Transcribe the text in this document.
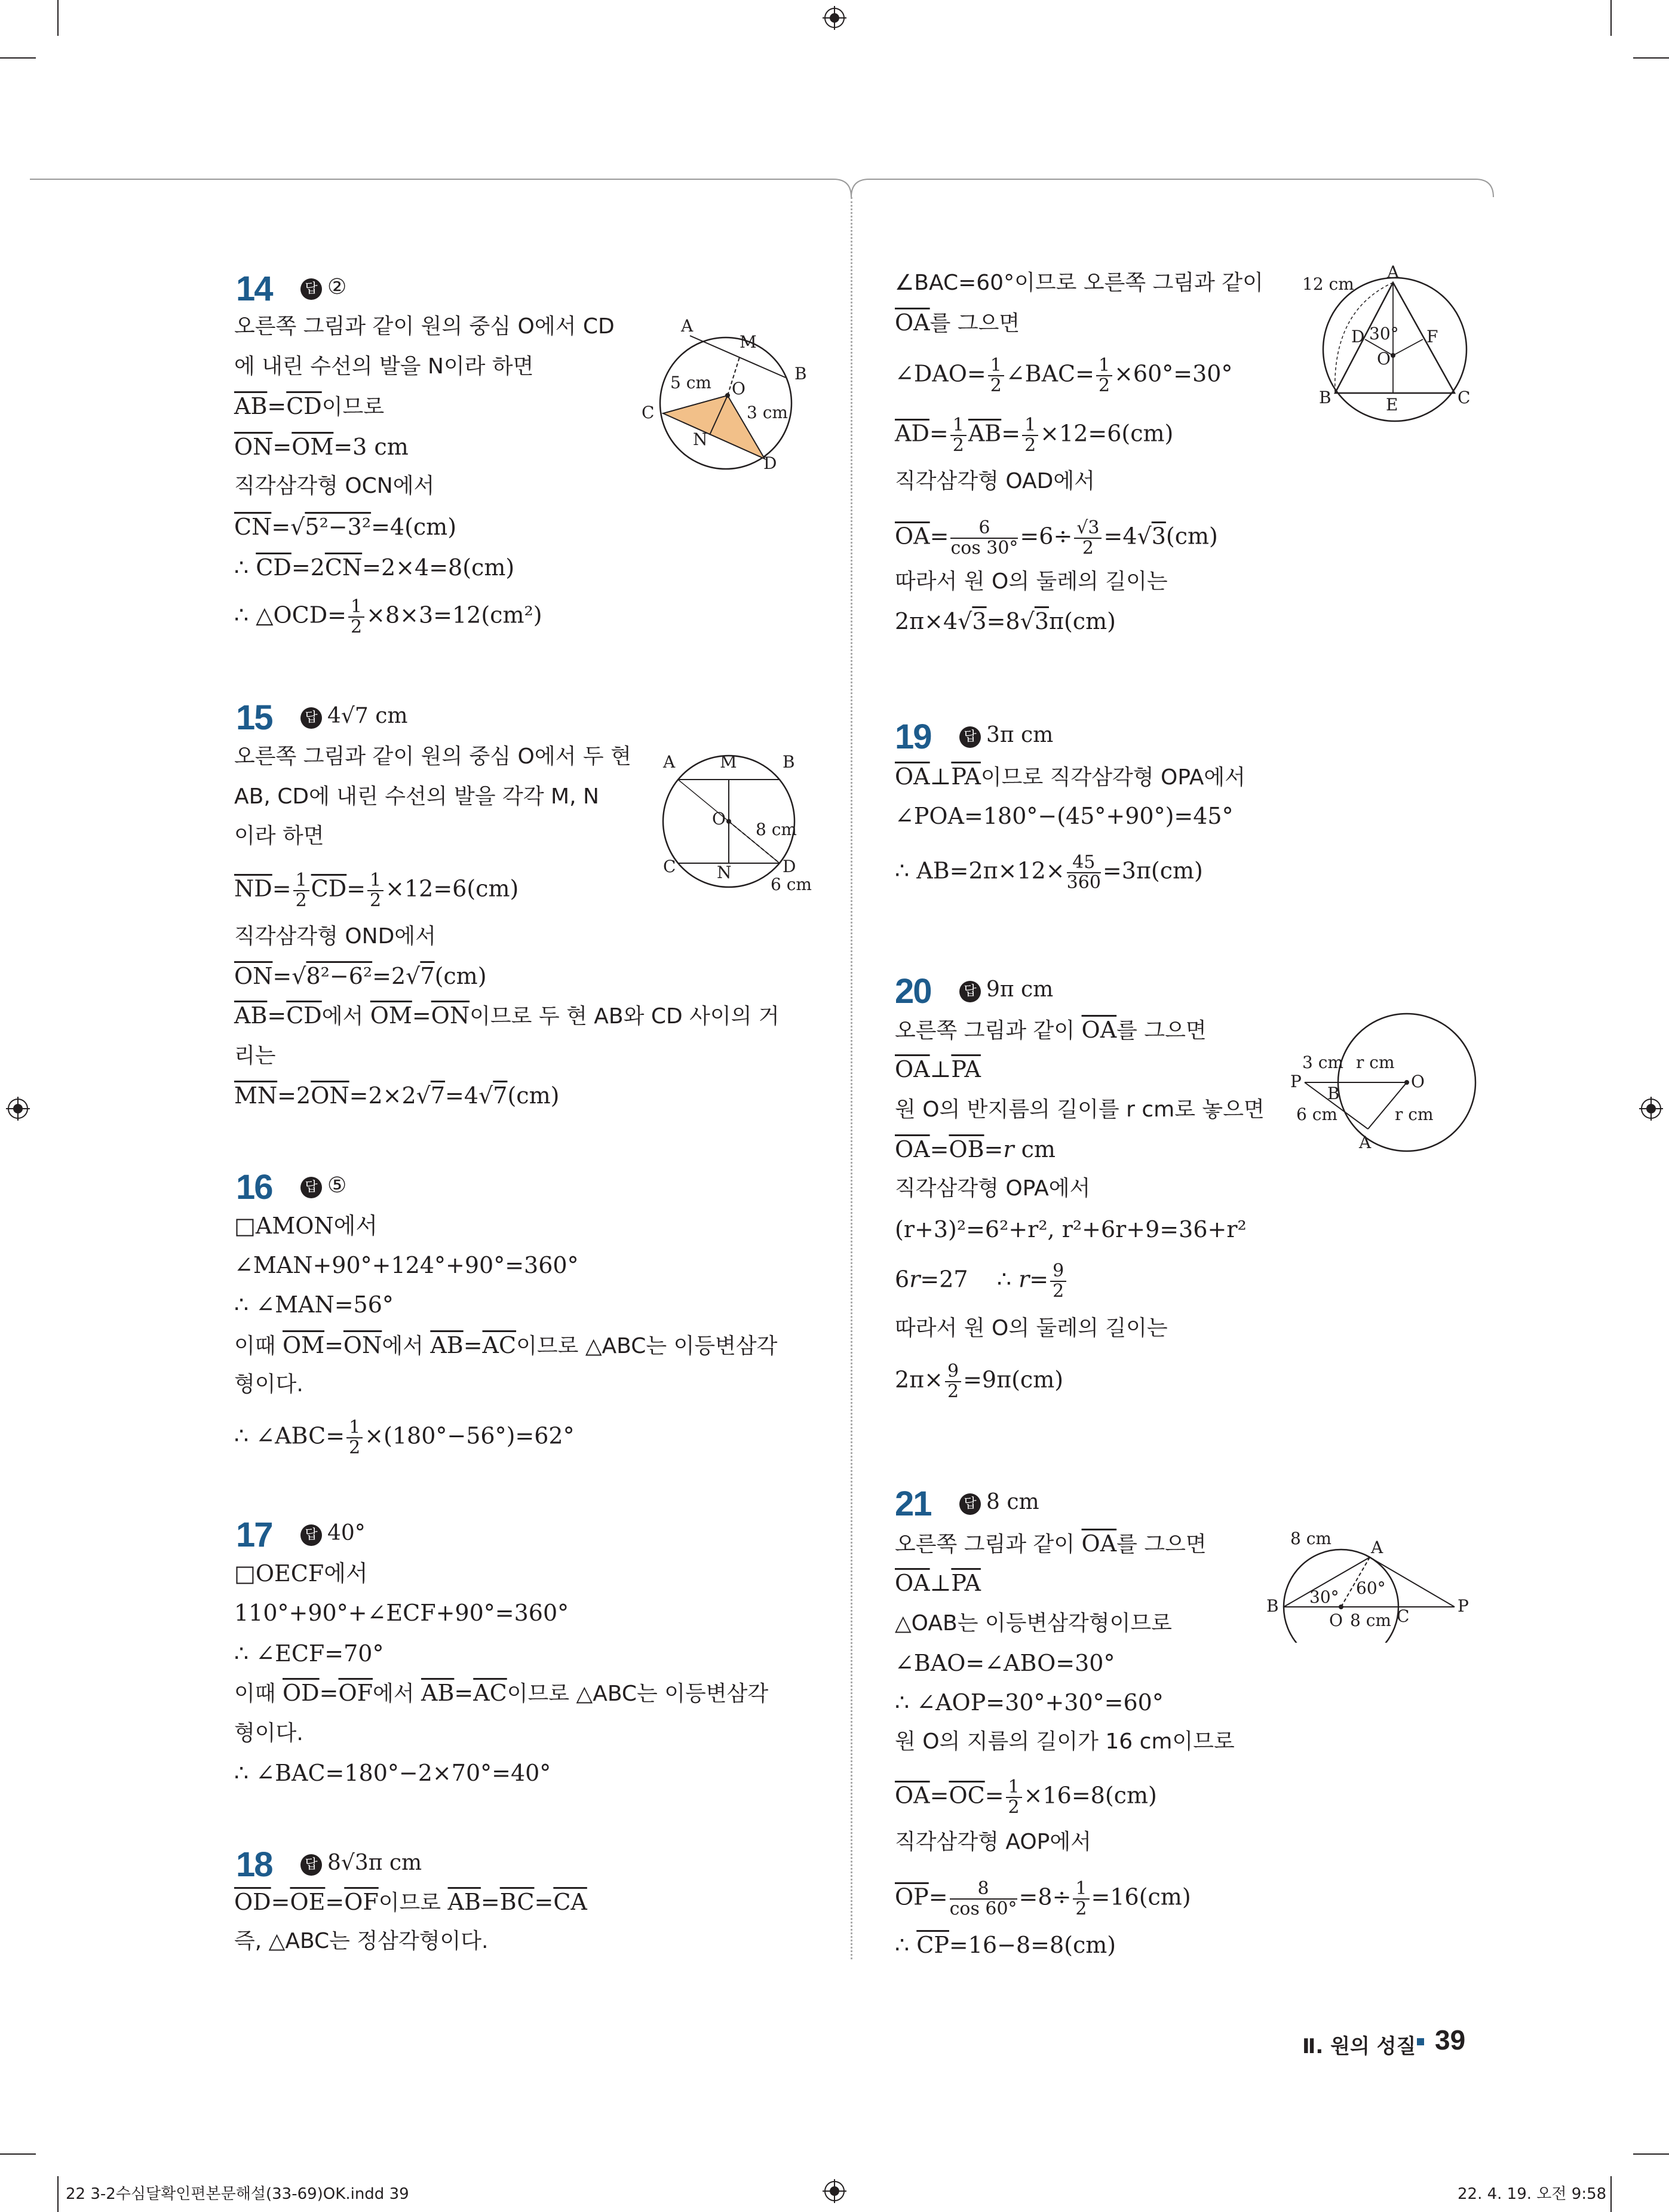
14	답 ②
오른쪽 그림과 같이 원의 중심 O에서 CD
에 내린 수선의 발을 N이라 하면
$\overline{AB}=\overline{CD}$이므로
$\overline{ON}=\overline{OM}=3$ cm
직각삼각형 OCN에서
$\overline{CN}=√5^2-3^2=4(cm)$
∴ $\overline{CD}=2\overline{CN}=2\times 4=8(cm)$
∴ △OCD= $\frac{1}{2} \times 8\times 3=12(cm^2)$
A
M
B
C
O
N
D
5 cm
3 cm
15	답 4√7 cm
오른쪽 그림과 같이 원의 중심 O에서 두 현
AB, CD에 내린 수선의 발을 각각 M, N
이라 하면
$\overline{ND}= \frac{1}{2} \overline{CD}= \frac{1}{2} \times 12=6(cm)$
직각삼각형 OND에서
$\overline{ON}=√8^2-6^2=2√7(cm)$
$\overline{AB}=\overline{CD}$에서 $\overline{OM}=\overline{ON}$이므로 두 현 AB와 CD 사이의 거
리는
$\overline{MN}=2\overline{ON}=2\times 2√7=4√7(cm)$
A	M	B
O
8 cm
C N	D
6 cm
16	답 ⑤
□AMON에서
∠MAN+90°+124°+90°=360°
∴ ∠MAN=56°
이때 $\overline{OM}=\overline{ON}$에서 $\overline{AB}=\overline{AC}$이므로 △ABC는 이등변삼각
형이다.
∴ ∠ABC= $\frac{1}{2} \times(180^\circ-56^\circ)=62^\circ$
17	답 40°
□OECF에서
110°+90°+∠ECF+90°=360°
∴ ∠ECF=70°
이때 $\overline{OD}=\overline{OF}$에서 $\overline{AB}=\overline{AC}$이므로 △ABC는 이등변삼각
형이다.
∴ ∠BAC=180°−2×70°=40°
18	답 8√3π cm
$\overline{OD}=\overline{OE}=\overline{OF}$이므로 $\overline{AB}=\overline{BC}=\overline{CA}$
즉, △ABC는 정삼각형이다.
∠BAC=60°이므로 오른쪽 그림과 같이
$\overline{OA}$를 그으면
∠DAO= $\frac{1}{2}$ ∠BAC= $\frac{1}{2} \times 60^\circ=30^\circ$
$\overline{AD}= \frac{1}{2} \overline{AB}= \frac{1}{2} \times 12=6(cm)$
직각삼각형 OAD에서
$\overline{OA}= \frac{6}{\cos 30^\circ} =6\div \frac{√3}{2} =4√3(cm)$
따라서 원 O의 둘레의 길이는
2π×4√3=8√3π(cm)
12 cm
A
D 30° F
O
B	E	C
19	답 3π cm
$\overline{OA}\perp\overline{PA}$이므로 직각삼각형 OPA에서
∠POA=180°−(45°+90°)=45°
∴ $AB=2\pi\times 12\times \frac{45}{360} =3\pi(cm)$
20	답 9π cm
오른쪽 그림과 같이 $\overline{OA}$를 그으면
$\overline{OA}\perp\overline{PA}$
원 O의 반지름의 길이를 r cm로 놓으면
$\overline{OA}=\overline{OB}=r$ cm
직각삼각형 OPA에서
(r+3)²=6²+r², r²+6r+9=36+r²
6r=27    ∴ $r= \frac{9}{2}$
따라서 원 O의 둘레의 길이는
$2\pi\times \frac{9}{2} =9\pi(cm)$
3 cm r cm
P
B
O
6 cm	r cm
A
21	답 8 cm
오른쪽 그림과 같이 $\overline{OA}$를 그으면
$\overline{OA}\perp\overline{PA}$
△OAB는 이등변삼각형이므로
∠BAO=∠ABO=30°
∴ ∠AOP=30°+30°=60°
원 O의 지름의 길이가 16 cm이므로
$\overline{OA}=\overline{OC}= \frac{1}{2} \times 16=8(cm)$
직각삼각형 AOP에서
$\overline{OP}= \frac{8}{\cos 60^\circ} =8\div \frac{1}{2} =16(cm)$
∴ $\overline{CP}=16-8=8(cm)$
8 cm A
B 30° 60°
P
O 8 cm C
Ⅱ. 원의 성질 39
22 3-2수심달확인편본문해설(33-69)OK.indd 39	22. 4. 19. 오전 9:58
